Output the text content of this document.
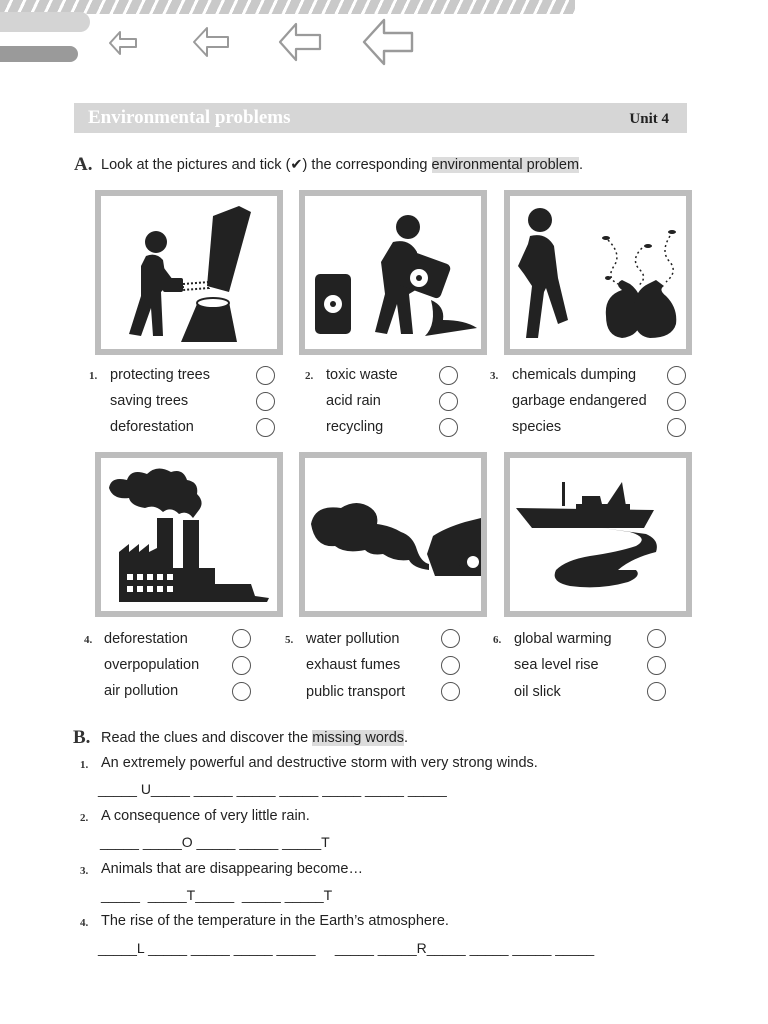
Environmental problems	Unit 4
A. Look at the pictures and tick (✔) the corresponding environmental problem.
1. protecting trees
saving trees
deforestation
2. toxic waste
acid rain
recycling
3. chemicals dumping
garbage endangered
species
4. deforestation
overpopulation
air pollution
5. water pollution
exhaust fumes
public transport
6. global warming
sea level rise
oil slick
B. Read the clues and discover the missing words.
1. An extremely powerful and destructive storm with very strong winds.
_____ U_____ _____ _____ _____ _____ _____ _____
2. A consequence of very little rain.
_____ _____O _____ _____ _____T
3. Animals that are disappearing become…
_____  _____T_____  _____ _____T
4. The rise of the temperature in the Earth’s atmosphere.
_____L _____ _____ _____ _____     _____ _____R_____ _____ _____ _____
